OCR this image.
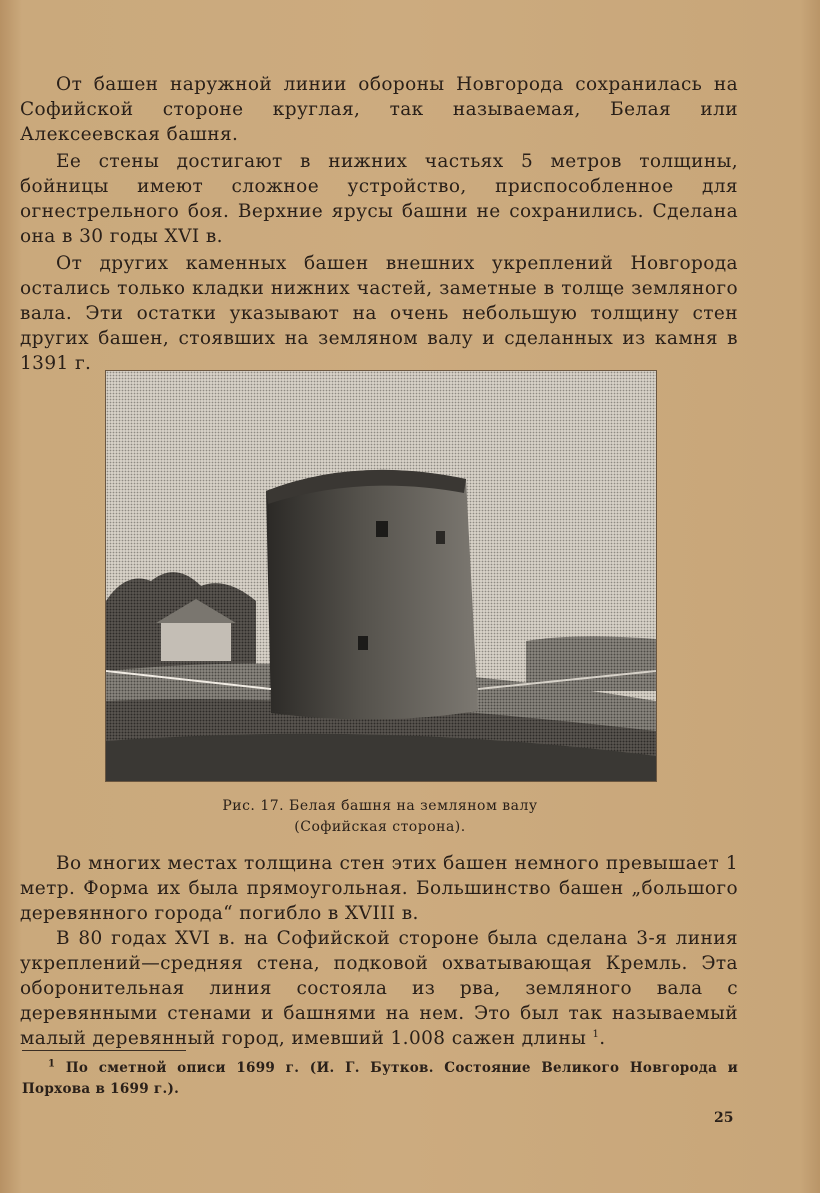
От башен наружной линии обороны Новгорода сохранилась на Софийской стороне круглая, так называемая, Белая или Алексеевская башня.

Ее стены достигают в нижних частьях 5 метров толщины, бойницы имеют сложное устройство, приспособленное для огнестрельного боя. Верхние ярусы башни не сохранились. Сделана она в 30 годы XVI в.

От других каменных башен внешних укреплений Новгорода остались только кладки нижних частей, заметные в толще земляного вала. Эти остатки указывают на очень небольшую толщину стен других башен, стоявших на земляном валу и сделанных из камня в 1391 г.

Рис. 17. Белая башня на земляном валу
(Софийская сторона).

Во многих местах толщина стен этих башен немного превышает 1 метр. Форма их была прямоугольная. Большинство башен „большого деревянного города“ погибло в XVIII в.

В 80 годах XVI в. на Софийской стороне была сделана 3-я линия укреплений—средняя стена, подковой охватывающая Кремль. Эта оборонительная линия состояла из рва, земляного вала с деревянными стенами и башнями на нем. Это был так называемый малый деревянный город, имевший 1.008 сажен длины $^1$.

$^1$ По сметной описи 1699 г. (И. Г. Бутков. Состояние Великого Новгорода и Порхова в 1699 г.).
25
